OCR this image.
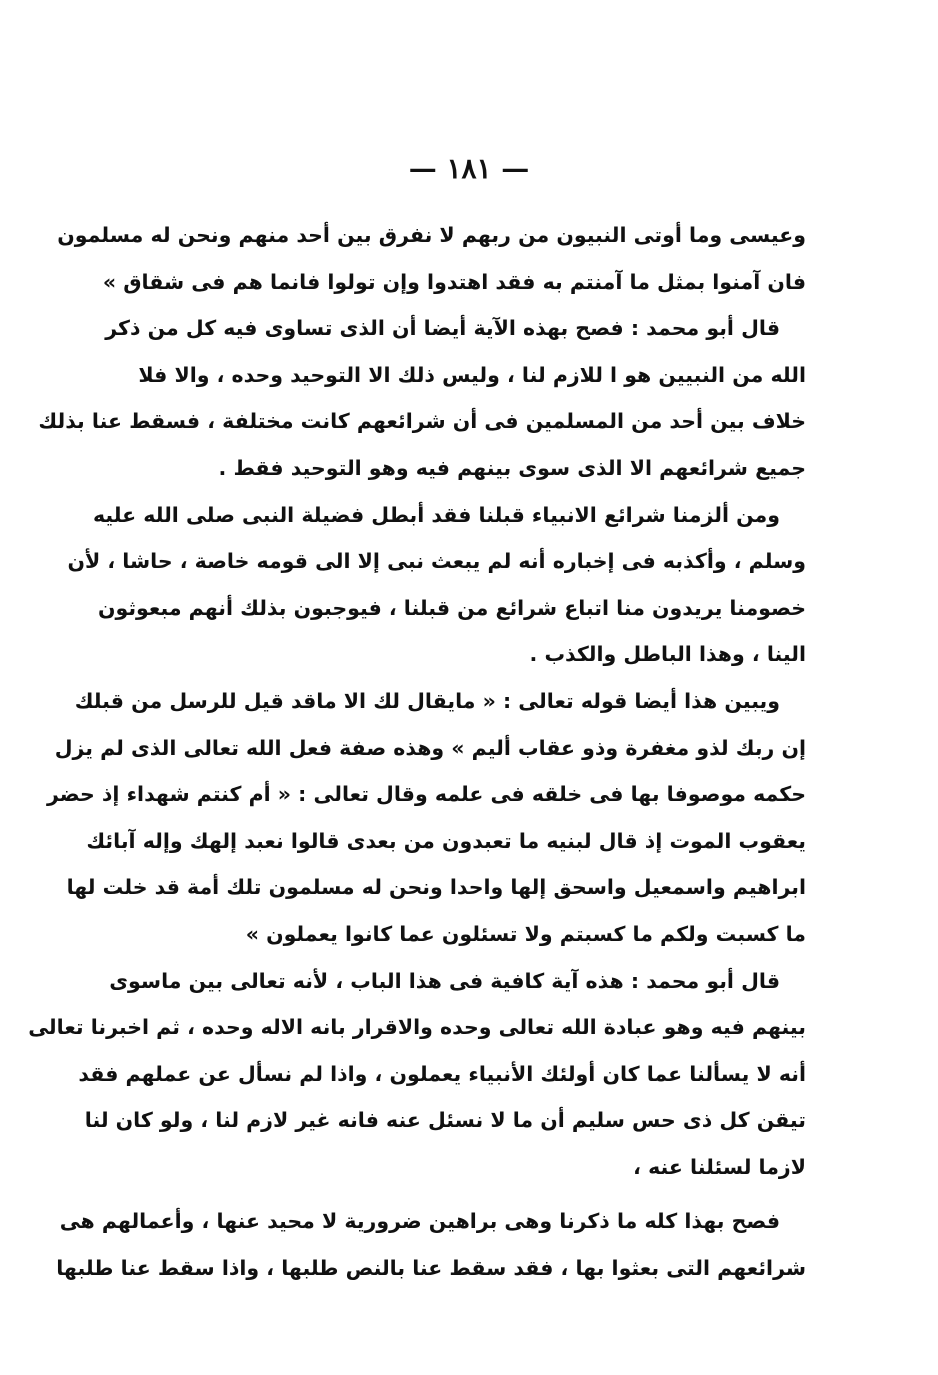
— ١٨١ —
وعيسى وما أوتى النبيون من ربهم لا نفرق بين أحد منهم ونحن له مسلمون
فان آمنوا بمثل ما آمنتم به فقد اهتدوا وإن تولوا فانما هم فى شقاق »
قال أبو محمد : فصح بهذه الآية أيضا أن الذى تساوى فيه كل من ذكر
الله من النبيين هو ا للازم لنا ، وليس ذلك الا التوحيد وحده ، والا فلا
خلاف بين أحد من المسلمين فى أن شرائعهم كانت مختلفة ، فسقط عنا بذلك
جميع شرائعهم الا الذى سوى بينهم فيه وهو التوحيد فقط .
ومن ألزمنا شرائع الانبياء قبلنا فقد أبطل فضيلة النبى صلى الله عليه
وسلم ، وأكذبه فى إخباره أنه لم يبعث نبى إلا الى قومه خاصة ، حاشا ، لأن
خصومنا يريدون منا اتباع شرائع من قبلنا ، فيوجبون بذلك أنهم مبعوثون
الينا ، وهذا الباطل والكذب .
ويبين هذا أيضا قوله تعالى : « مايقال لك الا ماقد قيل للرسل من قبلك
إن ربك لذو مغفرة وذو عقاب أليم » وهذه صفة فعل الله تعالى الذى لم يزل
حكمه موصوفا بها فى خلقه فى علمه وقال تعالى : « أم كنتم شهداء إذ حضر
يعقوب الموت إذ قال لبنيه ما تعبدون من بعدى قالوا نعبد إلهك وإله آبائك
ابراهيم واسمعيل واسحق إلها واحدا ونحن له مسلمون تلك أمة قد خلت لها
ما كسبت ولكم ما كسبتم ولا تسئلون عما كانوا يعملون »
قال أبو محمد : هذه آية كافية فى هذا الباب ، لأنه تعالى بين ماسوى
بينهم فيه وهو عبادة الله تعالى وحده والاقرار بانه الاله وحده ، ثم اخبرنا تعالى
أنه لا يسألنا عما كان أولئك الأنبياء يعملون ، واذا لم نسأل عن عملهم فقد
تيقن كل ذى حس سليم أن ما لا نسئل عنه فانه غير لازم لنا ، ولو كان لنا
لازما لسئلنا عنه ،
فصح بهذا كله ما ذكرنا وهى براهين ضرورية لا محيد عنها ، وأعمالهم هى
شرائعهم التى بعثوا بها ، فقد سقط عنا بالنص طلبها ، واذا سقط عنا طلبها
